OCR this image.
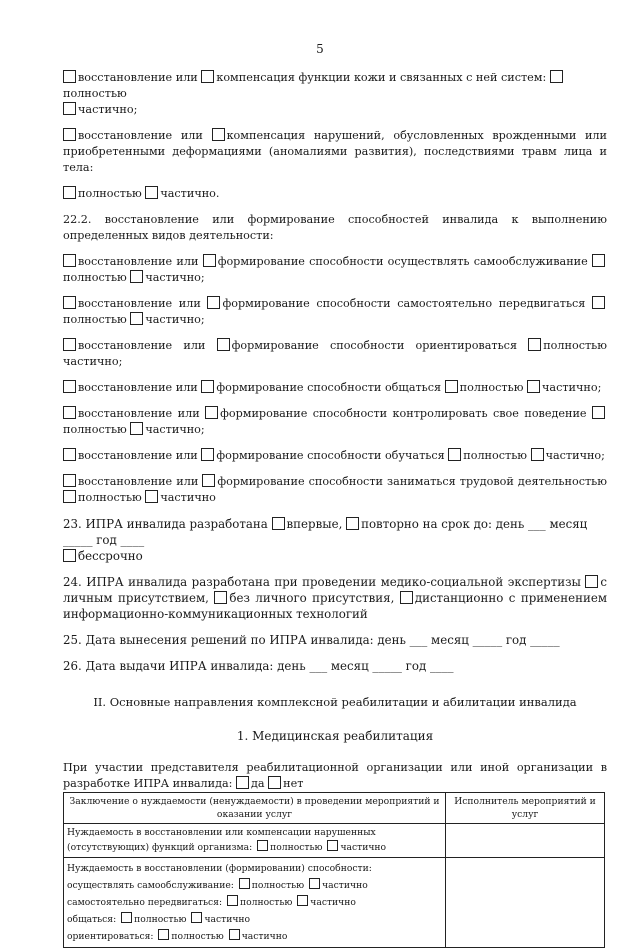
5

восстановление или компенсация функции кожи и связанных с ней систем: полностью
частично;

восстановление или компенсация нарушений, обусловленных врожденными или приобретенными деформациями (аномалиями развития), последствиями травм лица и тела:

полностью частично.

22.2. восстановление или формирование способностей инвалида к выполнению определенных видов деятельности:

восстановление или формирование способности осуществлять самообслуживание полностью частично;

восстановление или формирование способности самостоятельно передвигаться полностью частично;

восстановление или формирование способности ориентироваться полностью частично;

восстановление или формирование способности общаться полностью частично;

восстановление или формирование способности контролировать свое поведение полностью частично;

восстановление или формирование способности обучаться полностью частично;

восстановление или формирование способности заниматься трудовой деятельностью полностью частично

23. ИПРА инвалида разработана впервые, повторно на срок до: день ___ месяц _____ год ____
бессрочно

24. ИПРА инвалида разработана при проведении медико-социальной экспертизы с личным присутствием, без личного присутствия, дистанционно с применением информационно-коммуникационных технологий

25. Дата вынесения решений по ИПРА инвалида: день ___ месяц _____ год _____

26. Дата выдачи ИПРА инвалида: день ___ месяц _____ год ____

II. Основные направления комплексной реабилитации и абилитации инвалида

1. Медицинская реабилитация

При участии представителя реабилитационной организации или иной организации в разработке ИПРА инвалида: да нет

Заключение о нуждаемости (ненуждаемости) в проведении мероприятий и оказании услуг	Исполнитель мероприятий и услуг
Нуждаемость в восстановлении или компенсации нарушенных (отсутствующих) функций организма: полностью частично	
Нуждаемость в восстановлении (формировании) способности:
осуществлять самообслуживание: полностью частично
самостоятельно передвигаться: полностью частично
общаться: полностью частично
ориентироваться: полностью частично	
